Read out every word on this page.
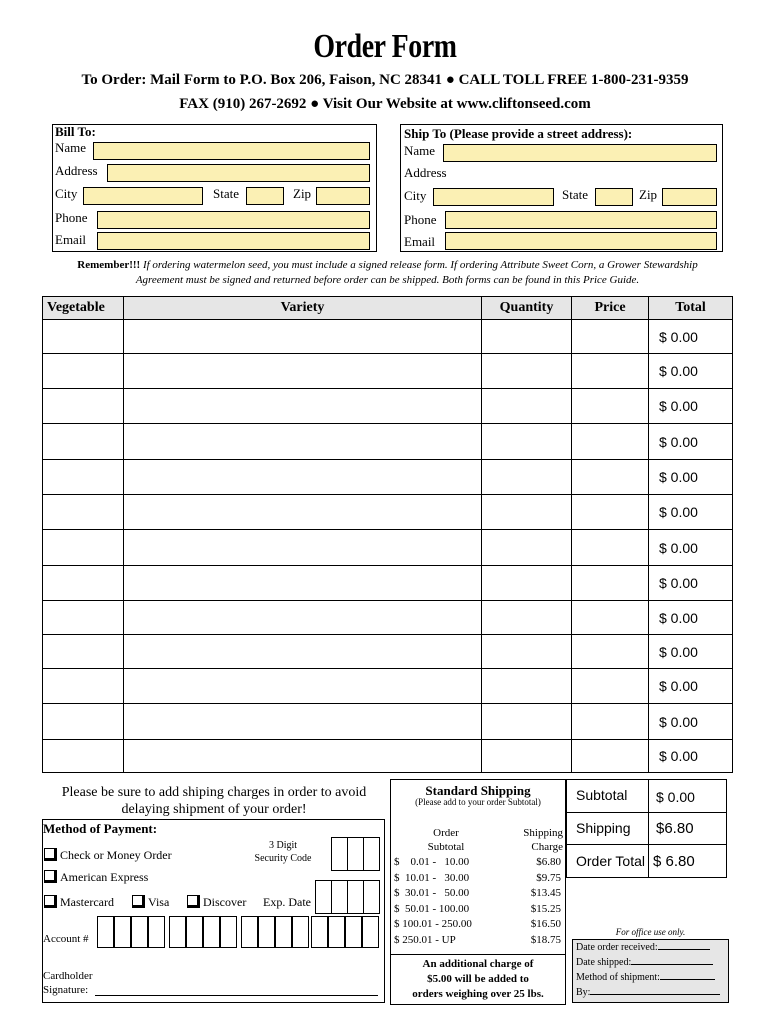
Order Form
To Order: Mail Form to P.O. Box 206, Faison, NC 28341 ● CALL TOLL FREE 1-800-231-9359
FAX (910) 267-2692 ● Visit Our Website at www.cliftonseed.com
Bill To:
Name
Address
City	State	Zip
Phone
Email
Ship To (Please provide a street address):
Name
Address
City	State	Zip
Phone
Email
Remember!!! If ordering watermelon seed, you must include a signed release form. If ordering Attribute Sweet Corn, a Grower Stewardship Agreement must be signed and returned before order can be shipped. Both forms can be found in this Price Guide.
Vegetable	Variety	Quantity	Price	Total
				$ 0.00
				$ 0.00
				$ 0.00
				$ 0.00
				$ 0.00
				$ 0.00
				$ 0.00
				$ 0.00
				$ 0.00
				$ 0.00
				$ 0.00
				$ 0.00
				$ 0.00
Please be sure to add shiping charges in order to avoid delaying shipment of your order!
Method of Payment:
Check or Money Order
American Express
Mastercard	Visa	Discover Exp. Date
3 Digit
Security Code
Account #
Cardholder
Signature:
Standard Shipping
(Please add to your order Subtotal)
Order
Subtotal
Shipping
Charge
$    0.01 -   10.00	$6.80
$  10.01 -   30.00	$9.75
$  30.01 -   50.00	$13.45
$  50.01 - 100.00	$15.25
$ 100.01 - 250.00	$16.50
$ 250.01 - UP	$18.75
An additional charge of
$5.00 will be added to
orders weighing over 25 lbs.
Subtotal $ 0.00
Shipping $6.80
Order Total $ 6.80
For office use only.
Date order received:
Date shipped:
Method of shipment:
By:
